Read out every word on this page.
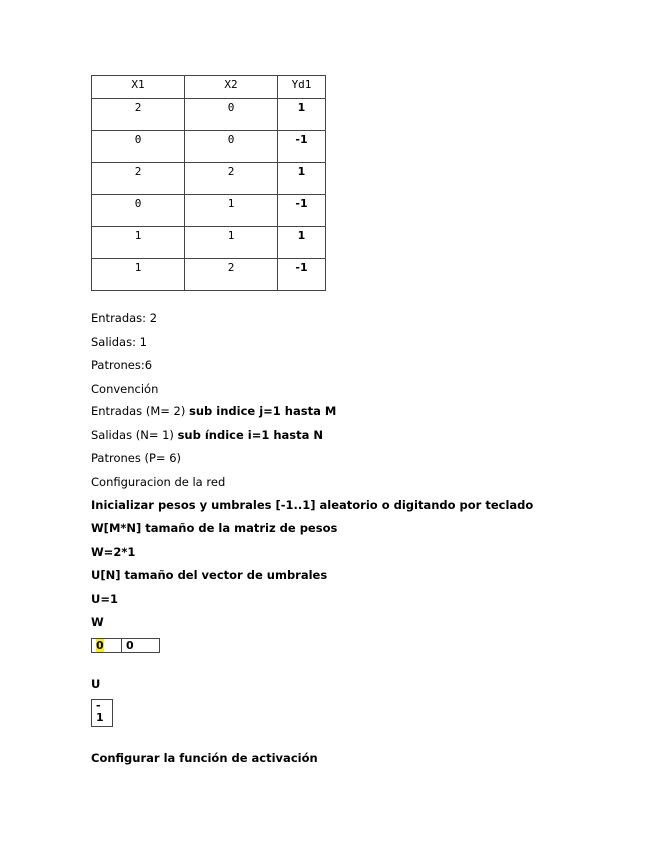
X1	X2	Yd1
2	0	1
0	0	-1
2	2	1
0	1	-1
1	1	1
1	2	-1
Entradas: 2
Salidas: 1
Patrones:6
Convención
Entradas (M= 2) sub indice j=1 hasta M
Salidas (N= 1) sub índice i=1 hasta N
Patrones (P= 6)
Configuracion de la red
Inicializar pesos y umbrales [-1..1] aleatorio o digitando por teclado
W[M*N] tamaño de la matriz de pesos
W=2*1
U[N] tamaño del vector de umbrales
U=1
W
0	0
U
-
1
Configurar la función de activación
